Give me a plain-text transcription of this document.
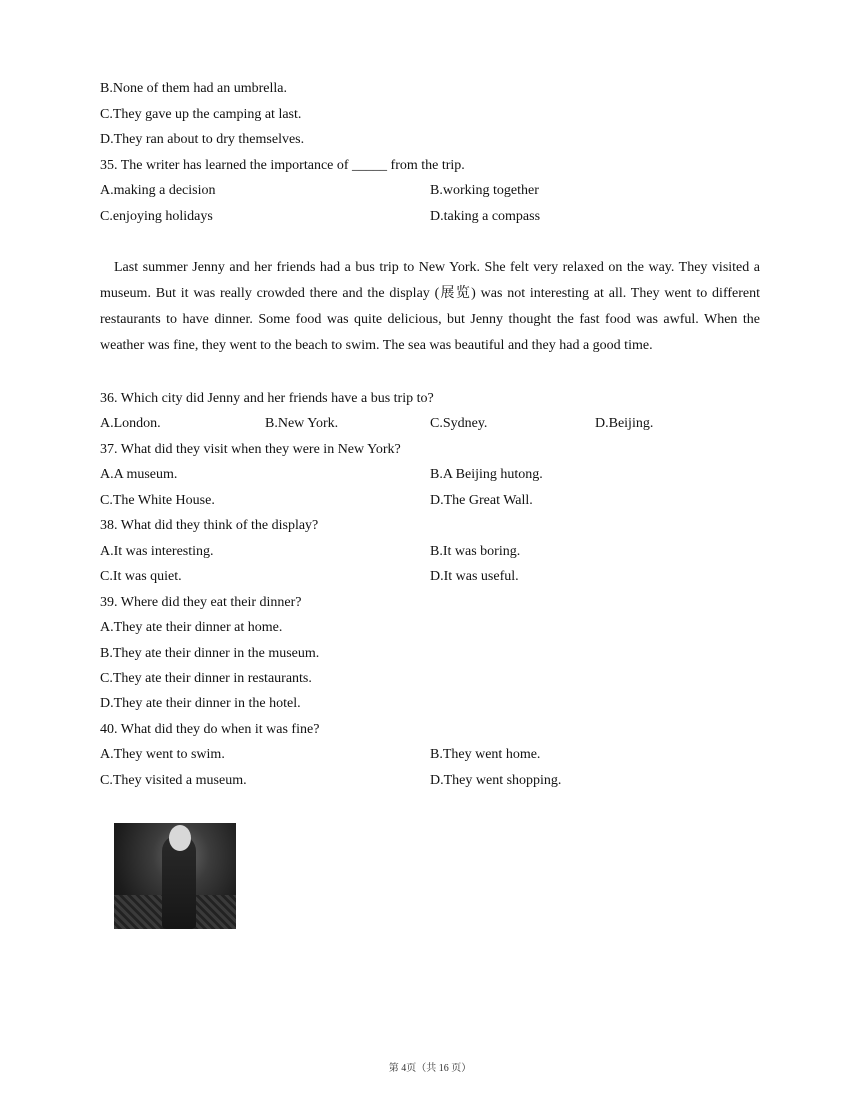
B.None of them had an umbrella.
C.They gave up the camping at last.
D.They ran about to dry themselves.
35. The writer has learned the importance of _____ from the trip.
A.making a decision	B.working together
C.enjoying holidays	D.taking a compass
Last summer Jenny and her friends had a bus trip to New York. She felt very relaxed on the way. They visited a museum. But it was really crowded there and the display (展览) was not interesting at all. They went to different restaurants to have dinner. Some food was quite delicious, but Jenny thought the fast food was awful. When the weather was fine, they went to the beach to swim. The sea was beautiful and they had a good time.
36. Which city did Jenny and her friends have a bus trip to?
A.London.	B.New York.	C.Sydney.	D.Beijing.
37. What did they visit when they were in New York?
A.A museum.	B.A Beijing hutong.
C.The White House.	D.The Great Wall.
38. What did they think of the display?
A.It was interesting.	B.It was boring.
C.It was quiet.	D.It was useful.
39. Where did they eat their dinner?
A.They ate their dinner at home.
B.They ate their dinner in the museum.
C.They ate their dinner in restaurants.
D.They ate their dinner in the hotel.
40. What did they do when it was fine?
A.They went to swim.	B.They went home.
C.They visited a museum.	D.They went shopping.
第 4页（共 16 页）
